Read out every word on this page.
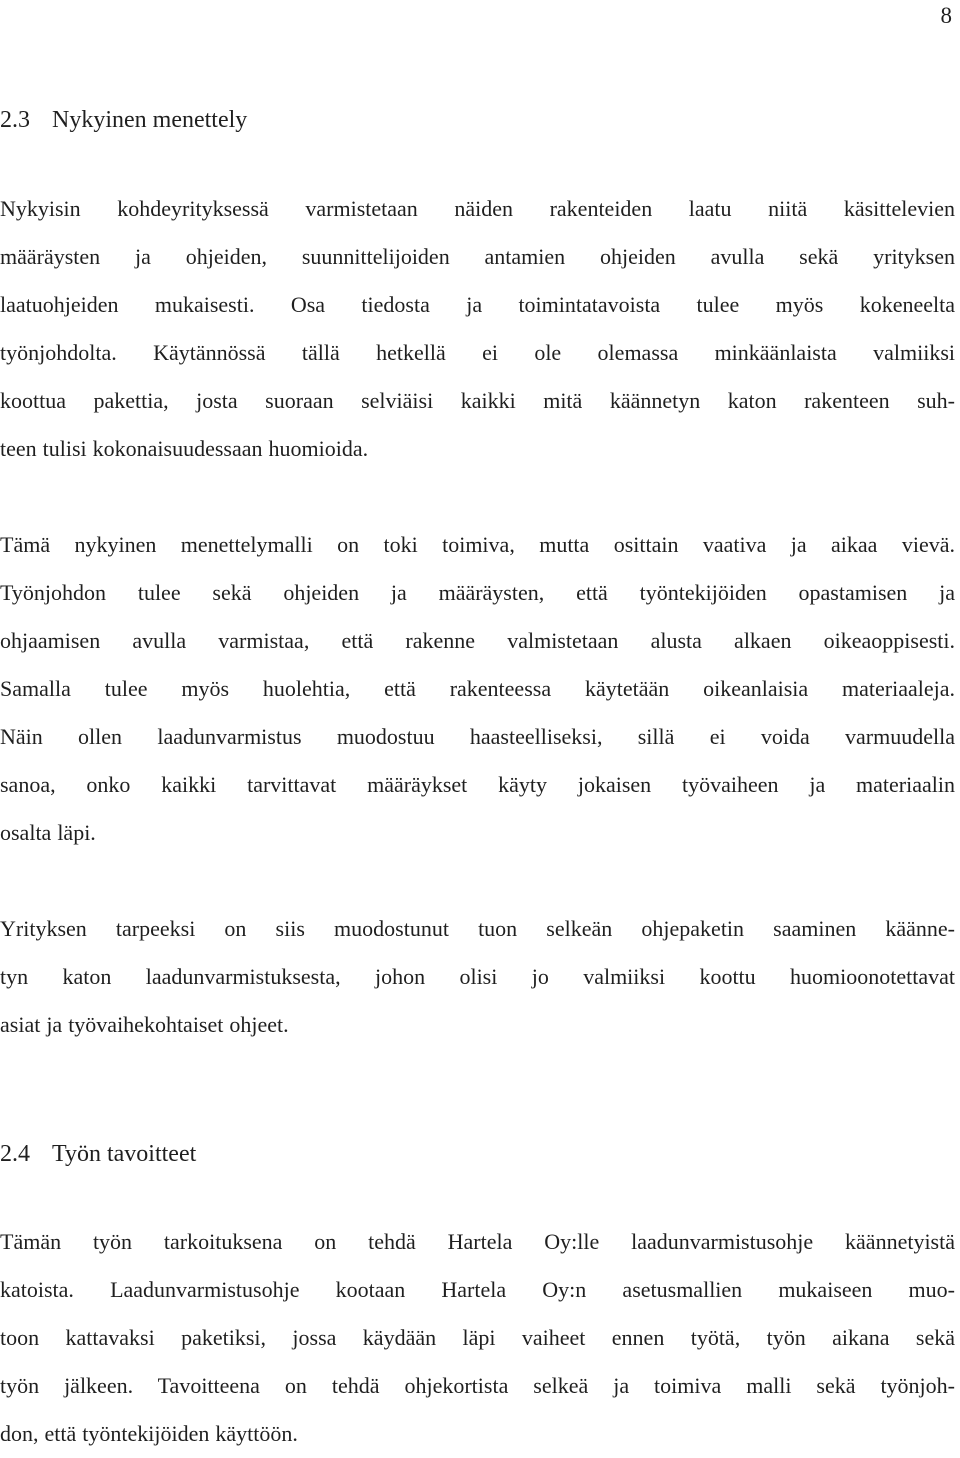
8
2.3 Nykyinen menettely
Nykyisin kohdeyrityksessä varmistetaan näiden rakenteiden laatu niitä käsittelevien
määräysten ja ohjeiden, suunnittelijoiden antamien ohjeiden avulla sekä yrityksen
laatuohjeiden mukaisesti. Osa tiedosta ja toimintatavoista tulee myös kokeneelta
työnjohdolta. Käytännössä tällä hetkellä ei ole olemassa minkäänlaista valmiiksi
koottua pakettia, josta suoraan selviäisi kaikki mitä käännetyn katon rakenteen suh-
teen tulisi kokonaisuudessaan huomioida.
Tämä nykyinen menettelymalli on toki toimiva, mutta osittain vaativa ja aikaa vievä.
Työnjohdon tulee sekä ohjeiden ja määräysten, että työntekijöiden opastamisen ja
ohjaamisen avulla varmistaa, että rakenne valmistetaan alusta alkaen oikeaoppisesti.
Samalla tulee myös huolehtia, että rakenteessa käytetään oikeanlaisia materiaaleja.
Näin ollen laadunvarmistus muodostuu haasteelliseksi, sillä ei voida varmuudella
sanoa, onko kaikki tarvittavat määräykset käyty jokaisen työvaiheen ja materiaalin
osalta läpi.
Yrityksen tarpeeksi on siis muodostunut tuon selkeän ohjepaketin saaminen käänne-
tyn katon laadunvarmistuksesta, johon olisi jo valmiiksi koottu huomioonotettavat
asiat ja työvaihekohtaiset ohjeet.
2.4 Työn tavoitteet
Tämän työn tarkoituksena on tehdä Hartela Oy:lle laadunvarmistusohje käännetyistä
katoista. Laadunvarmistusohje kootaan Hartela Oy:n asetusmallien mukaiseen muo-
toon kattavaksi paketiksi, jossa käydään läpi vaiheet ennen työtä, työn aikana sekä
työn jälkeen. Tavoitteena on tehdä ohjekortista selkeä ja toimiva malli sekä työnjoh-
don, että työntekijöiden käyttöön.
